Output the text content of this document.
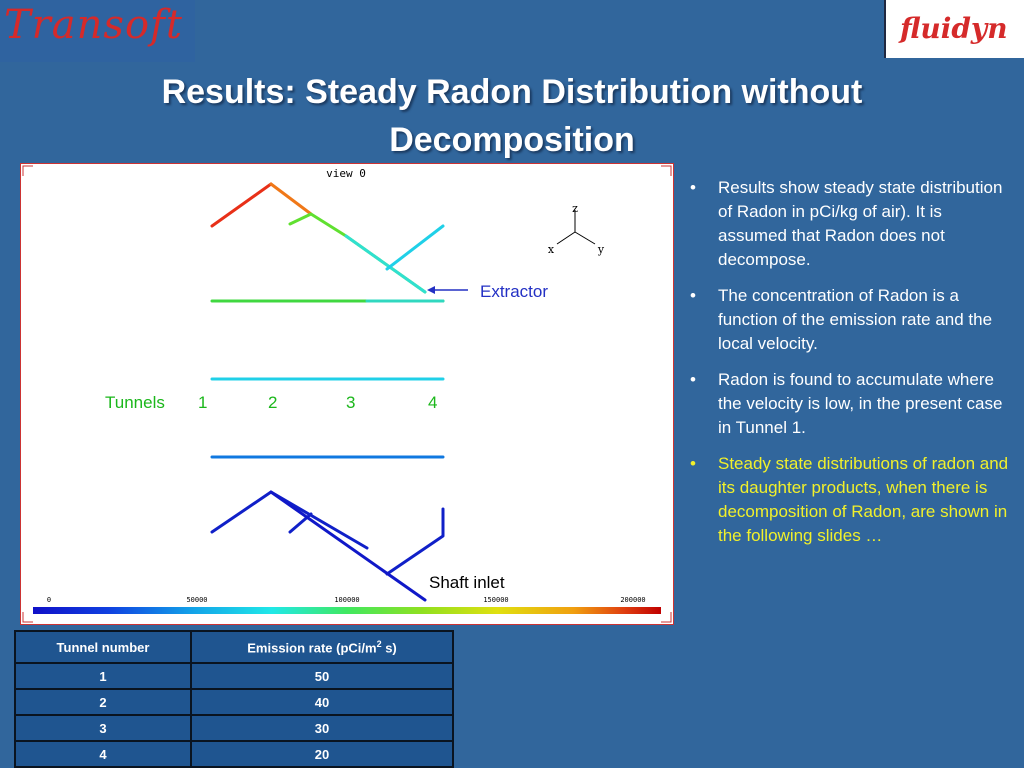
Transoft	fluidyn
Results: Steady Radon Distribution without
Decomposition
view 0
z
x	y
Extractor
Tunnels 1	2	3	4
Shaft inlet
0	50000	100000	150000	200000
• Results show steady state distribution of Radon in pCi/kg of air). It is assumed that Radon does not decompose.
• The concentration of Radon is a function of the emission rate and the local velocity.
• Radon is found to accumulate where the velocity is low, in the present case in Tunnel 1.
• Steady state distributions of radon and its daughter products, when there is decomposition of Radon, are shown in the following slides …
Tunnel number	Emission rate ($pCi/m^2$ s)
1	50
2	40
3	30
4	20
